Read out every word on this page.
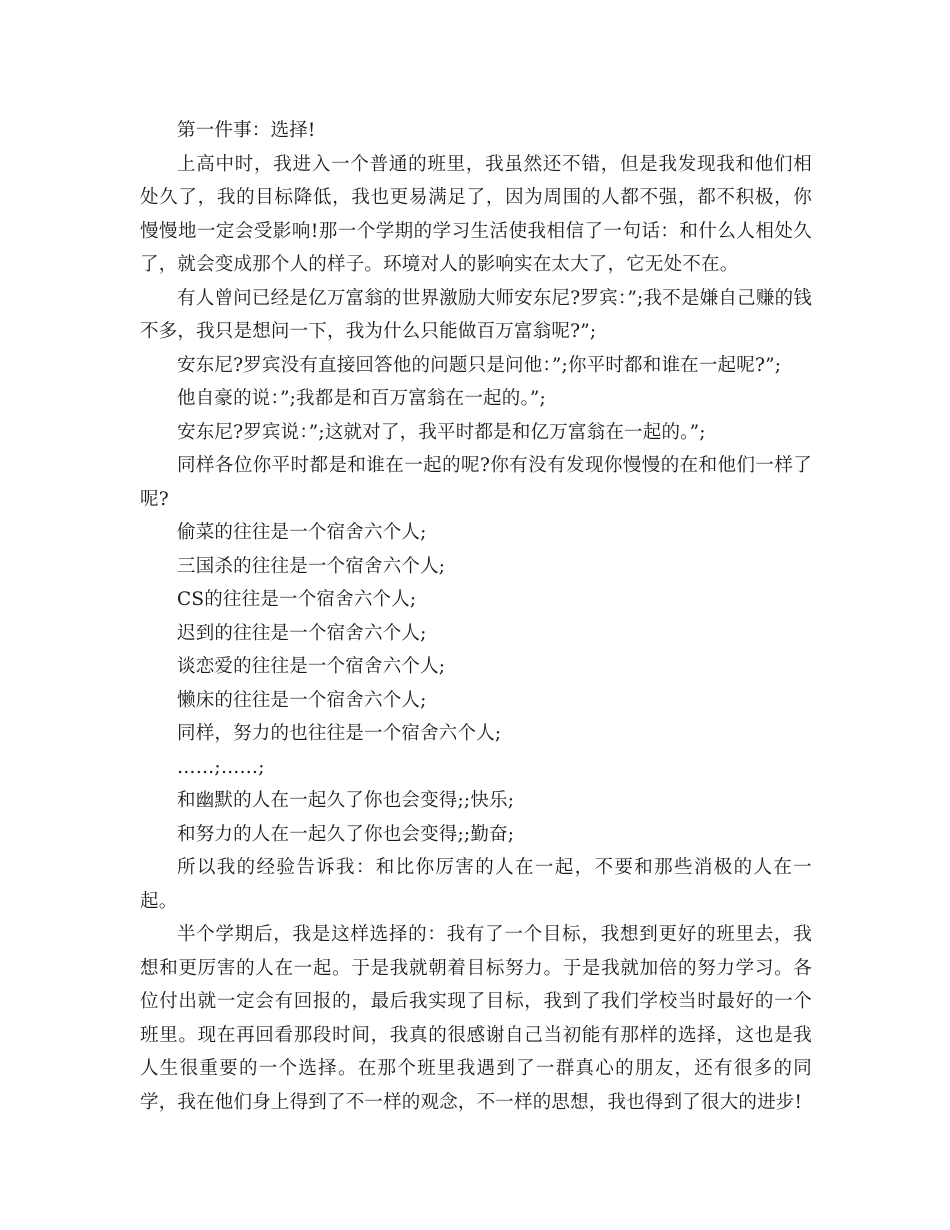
第一件事：选择!

上高中时，我进入一个普通的班里，我虽然还不错，但是我发现我和他们相处久了，我的目标降低，我也更易满足了，因为周围的人都不强，都不积极，你慢慢地一定会受影响!那一个学期的学习生活使我相信了一句话：和什么人相处久了，就会变成那个人的样子。环境对人的影响实在太大了，它无处不在。

有人曾问已经是亿万富翁的世界激励大师安东尼?罗宾：”;我不是嫌自己赚的钱不多，我只是想问一下，我为什么只能做百万富翁呢?”;

安东尼?罗宾没有直接回答他的问题只是问他：”;你平时都和谁在一起呢?”;

他自豪的说：”;我都是和百万富翁在一起的。”;

安东尼?罗宾说：”;这就对了，我平时都是和亿万富翁在一起的。”;

同样各位你平时都是和谁在一起的呢?你有没有发现你慢慢的在和他们一样了呢?

偷菜的往往是一个宿舍六个人;

三国杀的往往是一个宿舍六个人;

CS的往往是一个宿舍六个人;

迟到的往往是一个宿舍六个人;

谈恋爱的往往是一个宿舍六个人;

懒床的往往是一个宿舍六个人;

同样，努力的也往往是一个宿舍六个人;

……;……;

和幽默的人在一起久了你也会变得;;快乐;

和努力的人在一起久了你也会变得;;勤奋;

所以我的经验告诉我：和比你厉害的人在一起，不要和那些消极的人在一起。

半个学期后，我是这样选择的：我有了一个目标，我想到更好的班里去，我想和更厉害的人在一起。于是我就朝着目标努力。于是我就加倍的努力学习。各位付出就一定会有回报的，最后我实现了目标，我到了我们学校当时最好的一个班里。现在再回看那段时间，我真的很感谢自己当初能有那样的选择，这也是我人生很重要的一个选择。在那个班里我遇到了一群真心的朋友，还有很多的同学，我在他们身上得到了不一样的观念，不一样的思想，我也得到了很大的进步!
